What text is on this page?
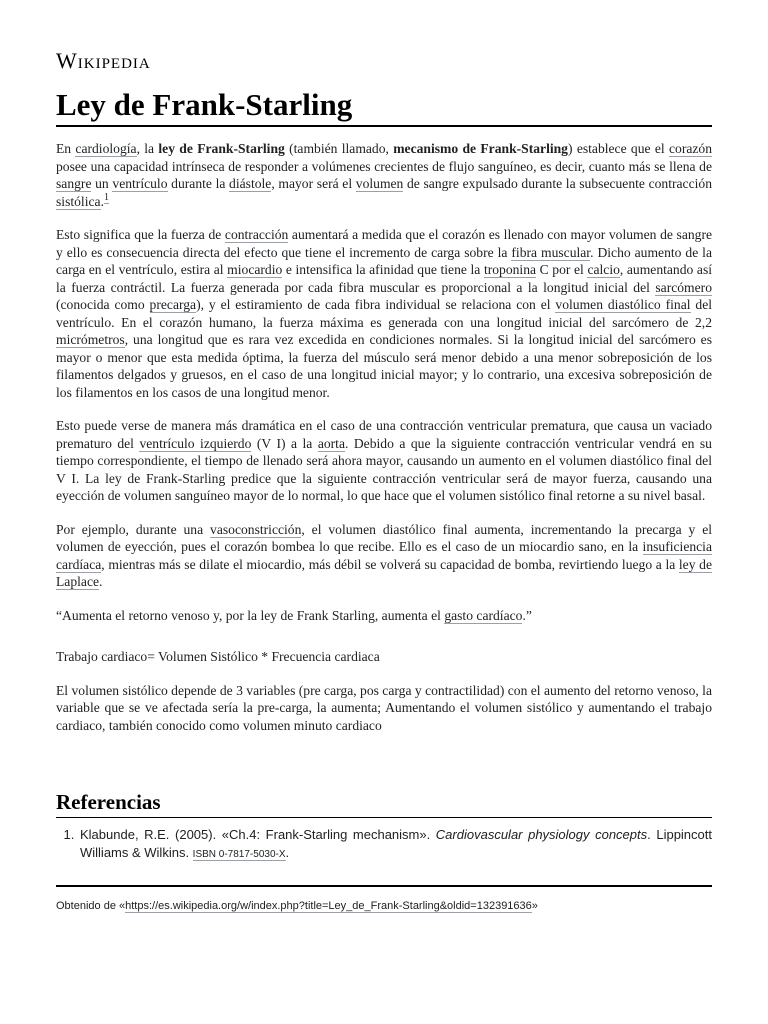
Wikipedia
Ley de Frank-Starling

En cardiología, la ley de Frank-Starling (también llamado, mecanismo de Frank-Starling) establece que el corazón posee una capacidad intrínseca de responder a volúmenes crecientes de flujo sanguíneo, es decir, cuanto más se llena de sangre un ventrículo durante la diástole, mayor será el volumen de sangre expulsado durante la subsecuente contracción sistólica.$^1$

Esto significa que la fuerza de contracción aumentará a medida que el corazón es llenado con mayor volumen de sangre y ello es consecuencia directa del efecto que tiene el incremento de carga sobre la fibra muscular. Dicho aumento de la carga en el ventrículo, estira al miocardio e intensifica la afinidad que tiene la troponina C por el calcio, aumentando así la fuerza contráctil. La fuerza generada por cada fibra muscular es proporcional a la longitud inicial del sarcómero (conocida como precarga), y el estiramiento de cada fibra individual se relaciona con el volumen diastólico final del ventrículo. En el corazón humano, la fuerza máxima es generada con una longitud inicial del sarcómero de 2,2 micrómetros, una longitud que es rara vez excedida en condiciones normales. Si la longitud inicial del sarcómero es mayor o menor que esta medida óptima, la fuerza del músculo será menor debido a una menor sobreposición de los filamentos delgados y gruesos, en el caso de una longitud inicial mayor; y lo contrario, una excesiva sobreposición de los filamentos en los casos de una longitud menor.

Esto puede verse de manera más dramática en el caso de una contracción ventricular prematura, que causa un vaciado prematuro del ventrículo izquierdo (V I) a la aorta. Debido a que la siguiente contracción ventricular vendrá en su tiempo correspondiente, el tiempo de llenado será ahora mayor, causando un aumento en el volumen diastólico final del V I. La ley de Frank-Starling predice que la siguiente contracción ventricular será de mayor fuerza, causando una eyección de volumen sanguíneo mayor de lo normal, lo que hace que el volumen sistólico final retorne a su nivel basal.

Por ejemplo, durante una vasoconstricción, el volumen diastólico final aumenta, incrementando la precarga y el volumen de eyección, pues el corazón bombea lo que recibe. Ello es el caso de un miocardio sano, en la insuficiencia cardíaca, mientras más se dilate el miocardio, más débil se volverá su capacidad de bomba, revirtiendo luego a la ley de Laplace.

“Aumenta el retorno venoso y, por la ley de Frank Starling, aumenta el gasto cardíaco.”

Trabajo cardiaco= Volumen Sistólico * Frecuencia cardiaca

El volumen sistólico depende de 3 variables (pre carga, pos carga y contractilidad) con el aumento del retorno venoso, la variable que se ve afectada sería la pre-carga, la aumenta; Aumentando el volumen sistólico y aumentando el trabajo cardiaco, también conocido como volumen minuto cardiaco

Referencias
1. Klabunde, R.E. (2005). «Ch.4: Frank-Starling mechanism». Cardiovascular physiology concepts. Lippincott Williams & Wilkins. ISBN 0-7817-5030-X.
Obtenido de «https://es.wikipedia.org/w/index.php?title=Ley_de_Frank-Starling&oldid=132391636»
